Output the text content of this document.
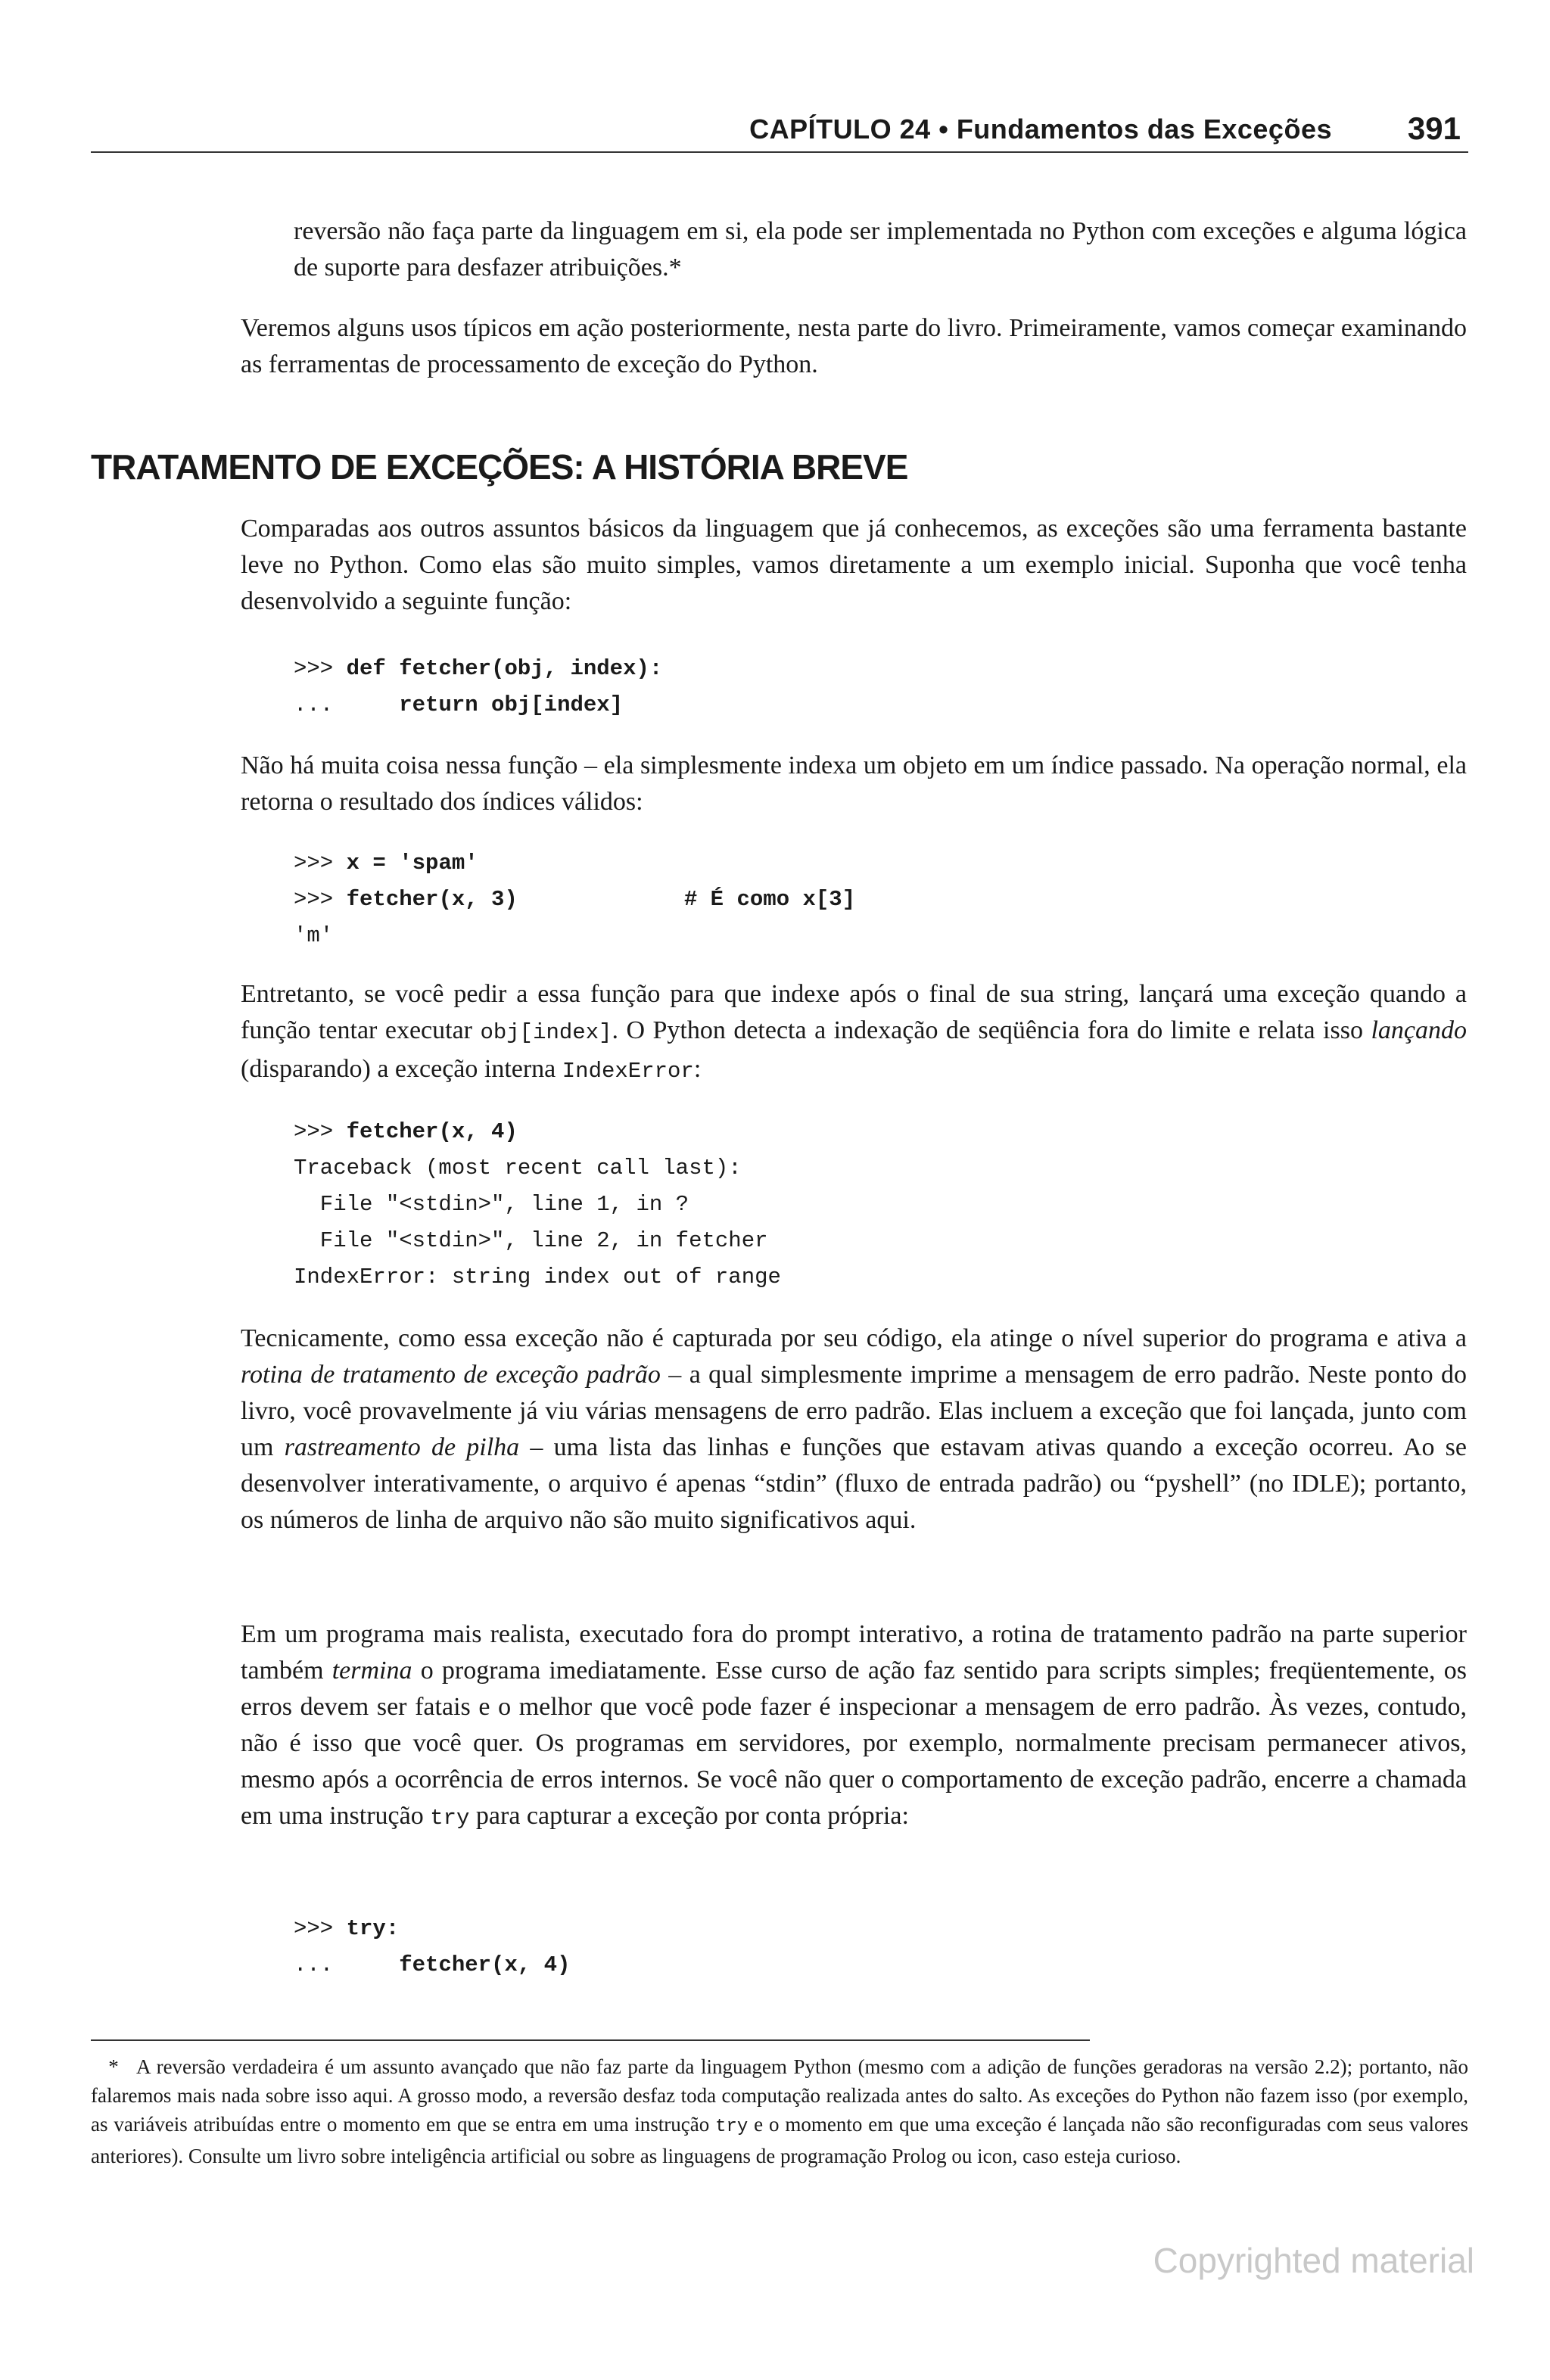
CAPÍTULO 24 • Fundamentos das Exceções 391

reversão não faça parte da linguagem em si, ela pode ser implementada no Python com exceções e alguma lógica de suporte para desfazer atribuições.*

Veremos alguns usos típicos em ação posteriormente, nesta parte do livro. Primeiramente, vamos começar examinando as ferramentas de processamento de exceção do Python.

TRATAMENTO DE EXCEÇÕES: A HISTÓRIA BREVE

Comparadas aos outros assuntos básicos da linguagem que já conhecemos, as exceções são uma ferramenta bastante leve no Python. Como elas são muito simples, vamos diretamente a um exemplo inicial. Suponha que você tenha desenvolvido a seguinte função:

>>> def fetcher(obj, index):
...     return obj[index]

Não há muita coisa nessa função – ela simplesmente indexa um objeto em um índice passado. Na operação normal, ela retorna o resultado dos índices válidos:

>>> x = 'spam'
>>> fetcher(x, 3)	# É como x[3]
'm'

Entretanto, se você pedir a essa função para que indexe após o final de sua string, lançará uma exceção quando a função tentar executar obj[index]. O Python detecta a indexação de seqüência fora do limite e relata isso lançando (disparando) a exceção interna IndexError:

>>> fetcher(x, 4)
Traceback (most recent call last):
File "<stdin>", line 1, in ?
File "<stdin>", line 2, in fetcher
IndexError: string index out of range

Tecnicamente, como essa exceção não é capturada por seu código, ela atinge o nível superior do programa e ativa a rotina de tratamento de exceção padrão – a qual simplesmente imprime a mensagem de erro padrão. Neste ponto do livro, você provavelmente já viu várias mensagens de erro padrão. Elas incluem a exceção que foi lançada, junto com um rastreamento de pilha – uma lista das linhas e funções que estavam ativas quando a exceção ocorreu. Ao se desenvolver interativamente, o arquivo é apenas “stdin” (fluxo de entrada padrão) ou “pyshell” (no IDLE); portanto, os números de linha de arquivo não são muito significativos aqui.

Em um programa mais realista, executado fora do prompt interativo, a rotina de tratamento padrão na parte superior também termina o programa imediatamente. Esse curso de ação faz sentido para scripts simples; freqüentemente, os erros devem ser fatais e o melhor que você pode fazer é inspecionar a mensagem de erro padrão. Às vezes, contudo, não é isso que você quer. Os programas em servidores, por exemplo, normalmente precisam permanecer ativos, mesmo após a ocorrência de erros internos. Se você não quer o comportamento de exceção padrão, encerre a chamada em uma instrução try para capturar a exceção por conta própria:

>>> try:
...     fetcher(x, 4)

* A reversão verdadeira é um assunto avançado que não faz parte da linguagem Python (mesmo com a adição de funções geradoras na versão 2.2); portanto, não falaremos mais nada sobre isso aqui. A grosso modo, a reversão desfaz toda computação realizada antes do salto. As exceções do Python não fazem isso (por exemplo, as variáveis atribuídas entre o momento em que se entra em uma instrução try e o momento em que uma exceção é lançada não são reconfiguradas com seus valores anteriores). Consulte um livro sobre inteligência artificial ou sobre as linguagens de programação Prolog ou icon, caso esteja curioso.

Copyrighted material
